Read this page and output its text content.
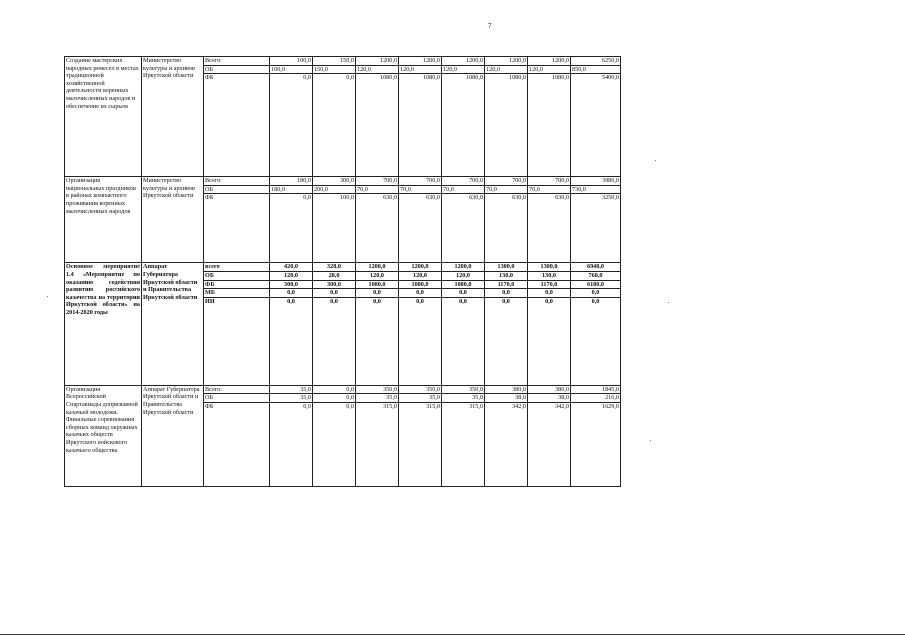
7
Создание мастерских народных ремесел в местах традиционной хозяйственной деятельности коренных малочисленных народов и обеспечение их сырьем	Министерство культуры и архивов Иркутской области	Всего:	100,0	150,0	1200,0	1200,0	1200,0	1200,0	1200,0	6250,0
		ОБ	100,0	150,0	120,0	120,0	120,0	120,0	120,0	850,0
		ФБ	0,0	0,0	1080,0	1080,0	1080,0	1080,0	1080,0	5400,0
Организация национальных праздников в районах компактного проживания коренных малочисленных народов	Министерство культуры и архивов Иркутской области	Всего:	180,0	300,0	700,0	700,0	700,0	700,0	700,0	3980,0
		ОБ	180,0	200,0	70,0	70,0	70,0	70,0	70,0	730,0
		ФБ	0,0	100,0	630,0	630,0	630,0	630,0	630,0	3250,0
Основное мероприятие 1.4 «Мероприятие по оказанию содействия развитию российского казачества на территории Иркутской области» на 2014-2020 годы	Аппарат Губернатора Иркутской области и Правительства Иркутской области	всего	420,0	328,0	1200,0	1200,0	1200,0	1300,0	1300,0	6948,0
		ОБ	120,0	28,0	120,0	120,0	120,0	130,0	130,0	768,0
		ФБ	300,0	300,0	1080,0	1080,0	1080,0	1170,0	1170,0	6180,0
		МБ	0,0	0,0	0,0	0,0	0,0	0,0	0,0	0,0
		ИИ	0,0	0,0	0,0	0,0	0,0	0,0	0,0	0,0
Организация Всероссийской Спартакиады допризывной казачьей молодежи. Финальные соревнования сборных команд окружных казачьих обществ Иркутского войскового казачьего общества	Аппарат Губернатора Иркутской области и Правительства Иркутской области	Всего:	35,0	0,0	350,0	350,0	350,0	380,0	380,0	1845,0
		ОБ	35,0	0,0	35,0	35,0	35,0	38,0	38,0	216,0
		ФБ	0,0	0,0	315,0	315,0	315,0	342,0	342,0	1629,0
